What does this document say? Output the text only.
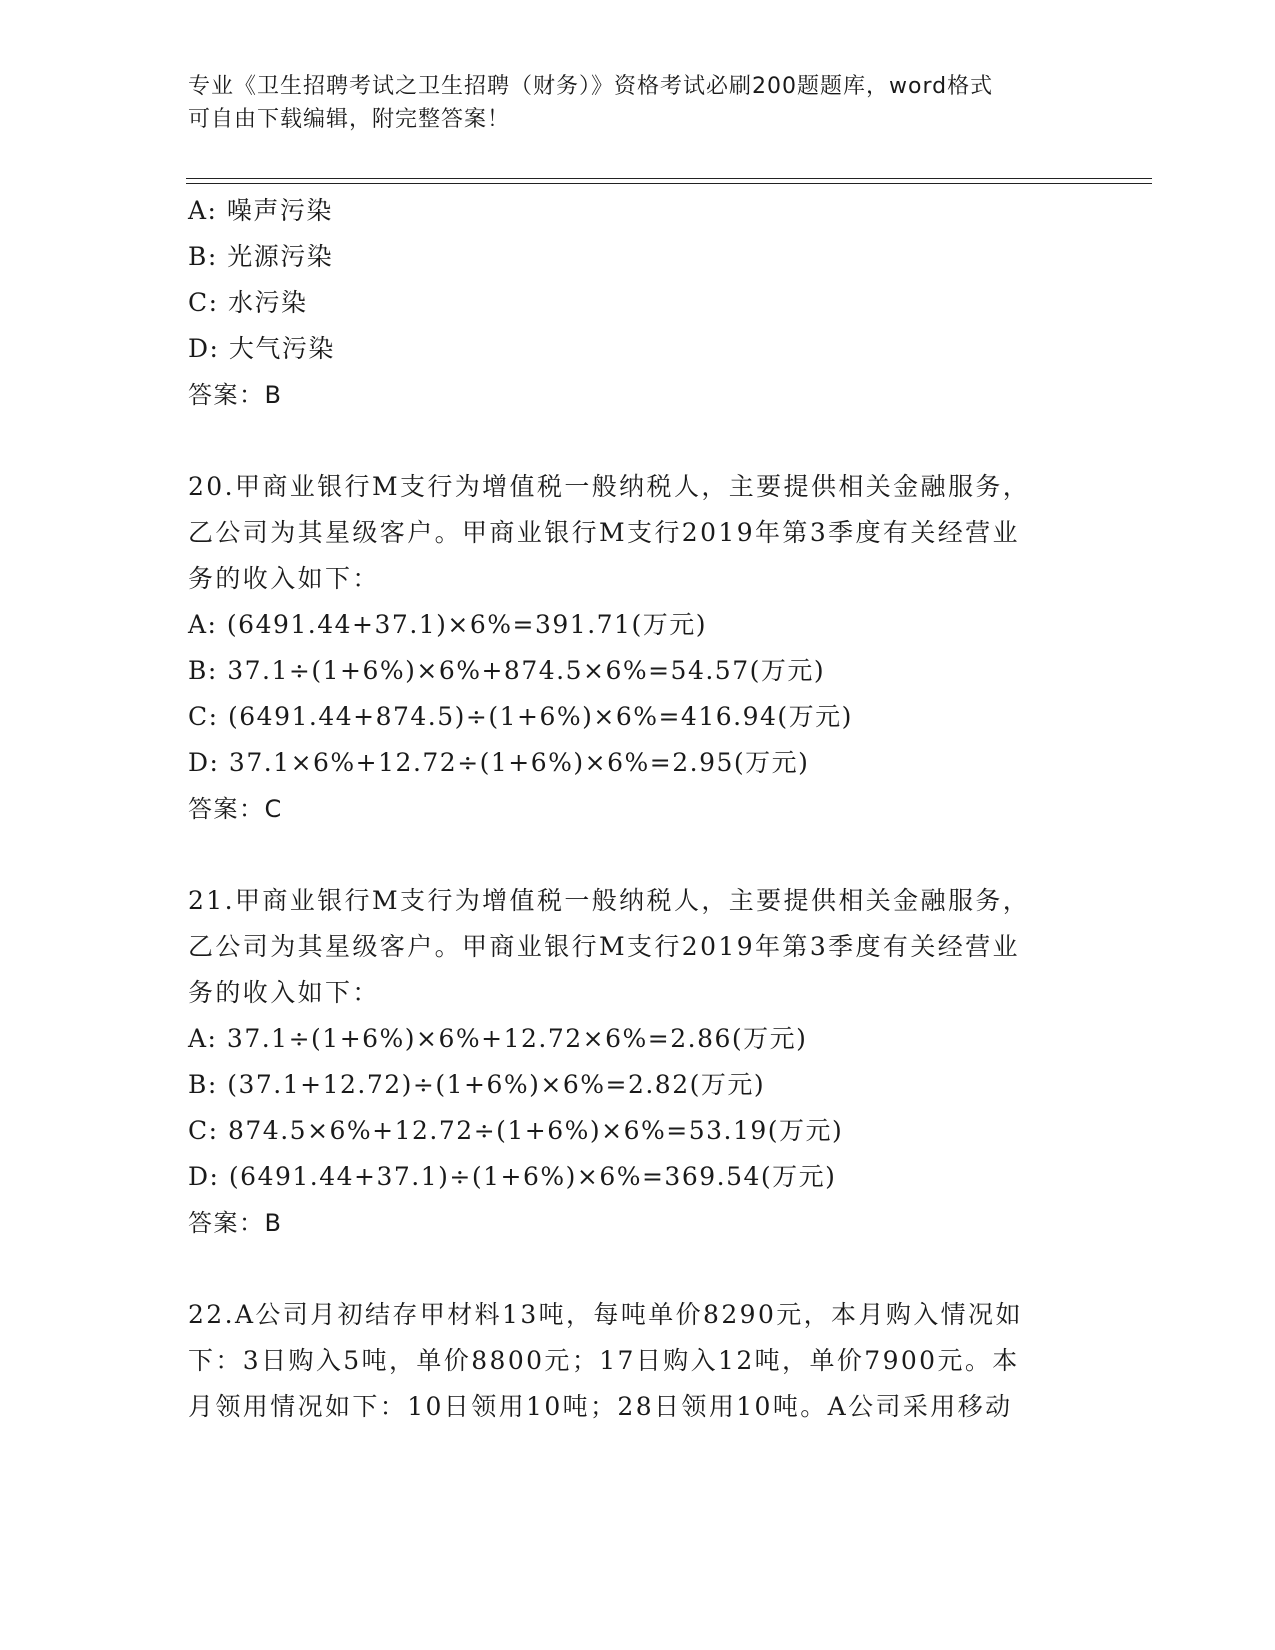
专业《卫生招聘考试之卫生招聘（财务）》资格考试必刷200题题库，word格式
可自由下载编辑，附完整答案！
A: 噪声污染
B: 光源污染
C: 水污染
D: 大气污染
答案：B
20.甲商业银行M支行为增值税一般纳税人，主要提供相关金融服务，
乙公司为其星级客户。甲商业银行M支行2019年第3季度有关经营业
务的收入如下：
A: (6491.44+37.1)×6%=391.71(万元)
B: 37.1÷(1+6%)×6%+874.5×6%=54.57(万元)
C: (6491.44+874.5)÷(1+6%)×6%=416.94(万元)
D: 37.1×6%+12.72÷(1+6%)×6%=2.95(万元)
答案：C
21.甲商业银行M支行为增值税一般纳税人，主要提供相关金融服务，
乙公司为其星级客户。甲商业银行M支行2019年第3季度有关经营业
务的收入如下：
A: 37.1÷(1+6%)×6%+12.72×6%=2.86(万元)
B: (37.1+12.72)÷(1+6%)×6%=2.82(万元)
C: 874.5×6%+12.72÷(1+6%)×6%=53.19(万元)
D: (6491.44+37.1)÷(1+6%)×6%=369.54(万元)
答案：B
22.A公司月初结存甲材料13吨，每吨单价8290元，本月购入情况如
下：3日购入5吨，单价8800元；17日购入12吨，单价7900元。本
月领用情况如下：10日领用10吨；28日领用10吨。A公司采用移动
